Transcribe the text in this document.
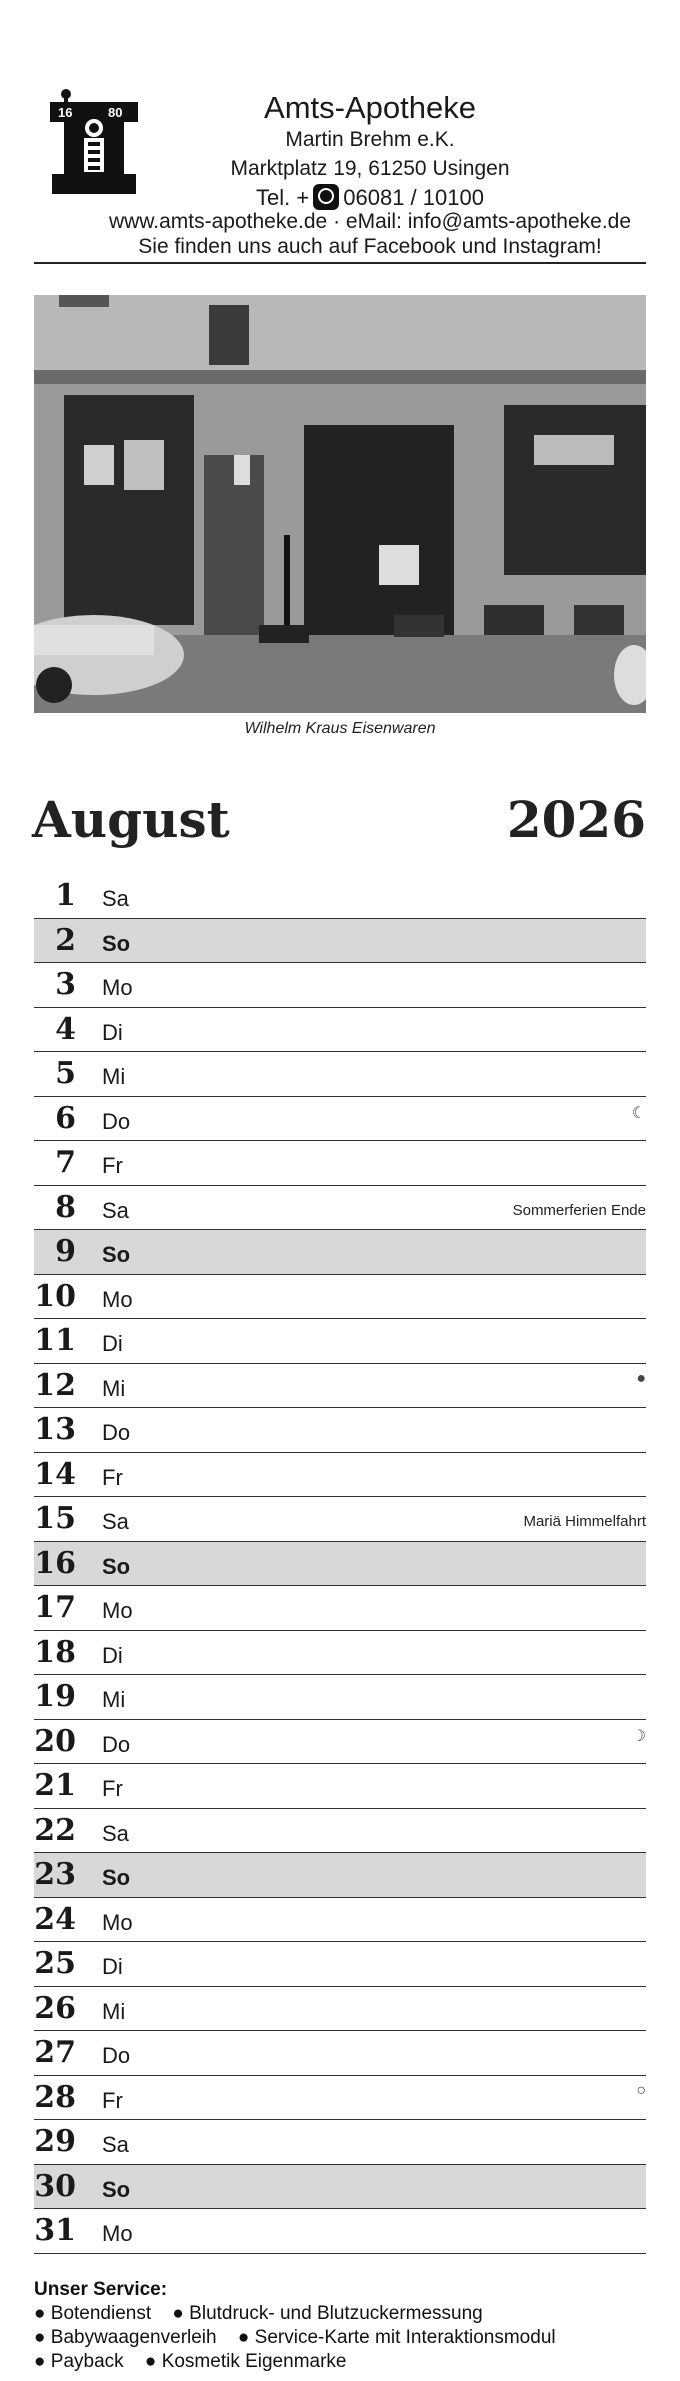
16	80	Amts-Apotheke
Martin Brehm e.K.
Marktplatz 19, 61250 Usingen
Tel. + 06081 / 10100
www.amts-apotheke.de · eMail: info@amts-apotheke.de
Sie finden uns auch auf Facebook und Instagram!
Wilhelm Kraus Eisenwaren
August	2026
1 Sa
2 So
3 Mo
4 Di
5 Mi
6 Do	☾
7 Fr
8 Sa	Sommerferien Ende
9 So
10 Mo
11 Di
12 Mi	●
13 Do
14 Fr
15 Sa	Mariä Himmelfahrt
16 So
17 Mo
18 Di
19 Mi
20 Do	☽
21 Fr
22 Sa
23 So
24 Mo
25 Di
26 Mi
27 Do
28 Fr	○
29 Sa
30 So
31 Mo
Unser Service:
● Botendienst ● Blutdruck- und Blutzuckermessung
● Babywaagenverleih ● Service-Karte mit Interaktionsmodul
● Payback ● Kosmetik Eigenmarke
